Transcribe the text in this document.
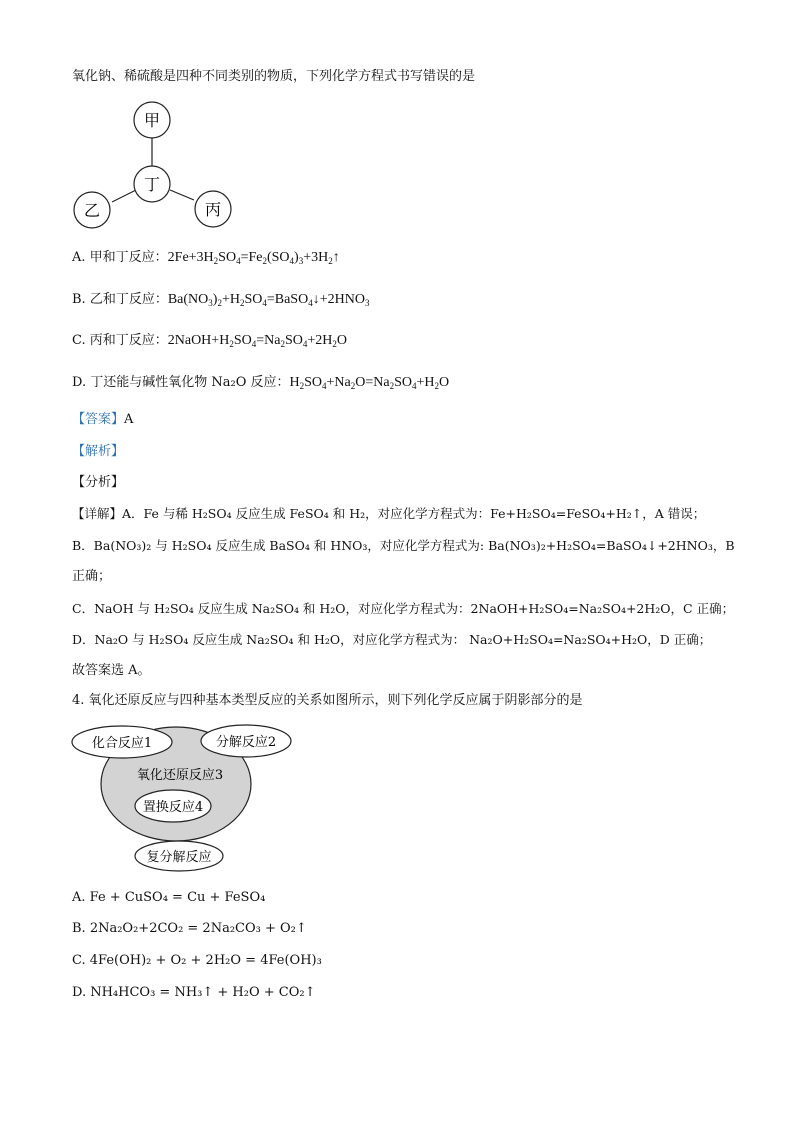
氧化钠、稀硫酸是四种不同类别的物质，下列化学方程式书写错误的是
甲
丁
乙	丙
A. 甲和丁反应：$2Fe+3H_2SO_4=Fe_2(SO_4)_3+3H_2↑$
B. 乙和丁反应：$Ba(NO_3)_2+H_2SO_4=BaSO_4↓+2HNO_3$
C. 丙和丁反应：$2NaOH+H_2SO_4=Na_2SO_4+2H_2O$
D. 丁还能与碱性氧化物 Na₂O 反应：$H_2SO_4+Na_2O=Na_2SO_4+H_2O$
【答案】A
【解析】
【分析】
【详解】A．Fe 与稀 H₂SO₄ 反应生成 FeSO₄ 和 H₂，对应化学方程式为：Fe+H₂SO₄=FeSO₄+H₂↑，A 错误；
B．Ba(NO₃)₂ 与 H₂SO₄ 反应生成 BaSO₄ 和 HNO₃，对应化学方程式为: Ba(NO₃)₂+H₂SO₄=BaSO₄↓+2HNO₃，B
正确；
C．NaOH 与 H₂SO₄ 反应生成 Na₂SO₄ 和 H₂O，对应化学方程式为：2NaOH+H₂SO₄=Na₂SO₄+2H₂O，C 正确；
D．Na₂O 与 H₂SO₄ 反应生成 Na₂SO₄ 和 H₂O，对应化学方程式为： Na₂O+H₂SO₄=Na₂SO₄+H₂O，D 正确；
故答案选 A。
4. 氧化还原反应与四种基本类型反应的关系如图所示，则下列化学反应属于阴影部分的是
化合反应1	分解反应2
氧化还原反应3
置换反应4
复分解反应
A. Fe + CuSO₄ = Cu + FeSO₄
B. 2Na₂O₂+2CO₂ = 2Na₂CO₃ + O₂↑
C. 4Fe(OH)₂ + O₂ + 2H₂O = 4Fe(OH)₃
D. NH₄HCO₃ = NH₃↑ + H₂O + CO₂↑
